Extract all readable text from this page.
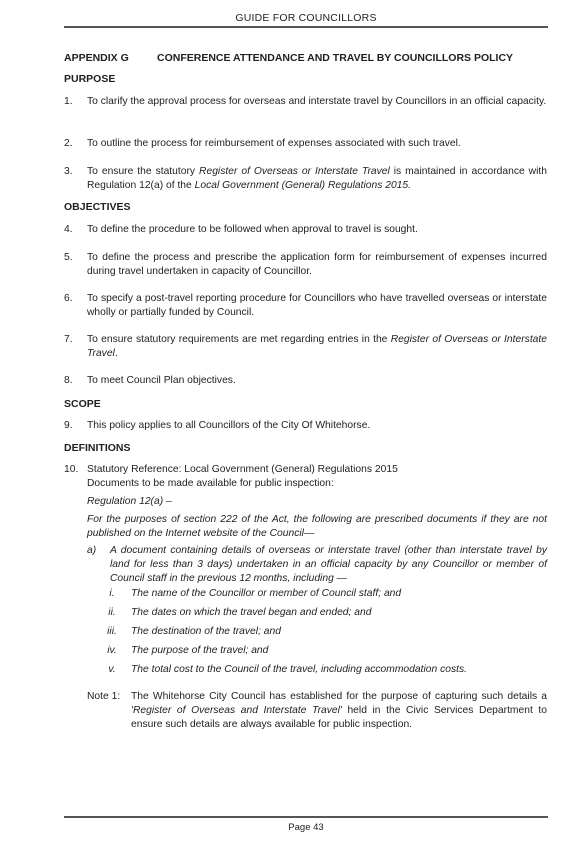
GUIDE FOR COUNCILLORS
APPENDIX G	CONFERENCE ATTENDANCE AND TRAVEL BY COUNCILLORS POLICY
PURPOSE
1.	To clarify the approval process for overseas and interstate travel by Councillors in an official capacity.
2.	To outline the process for reimbursement of expenses associated with such travel.
3.	To ensure the statutory Register of Overseas or Interstate Travel is maintained in accordance with Regulation 12(a) of the Local Government (General) Regulations 2015.
OBJECTIVES
4.	To define the procedure to be followed when approval to travel is sought.
5.	To define the process and prescribe the application form for reimbursement of expenses incurred during travel undertaken in capacity of Councillor.
6.	To specify a post-travel reporting procedure for Councillors who have travelled overseas or interstate wholly or partially funded by Council.
7.	To ensure statutory requirements are met regarding entries in the Register of Overseas or Interstate Travel.
8.	To meet Council Plan objectives.
SCOPE
9.	This policy applies to all Councillors of the City Of Whitehorse.
DEFINITIONS
10. Statutory Reference: Local Government (General) Regulations 2015
Documents to be made available for public inspection:
Regulation 12(a) –
For the purposes of section 222 of the Act, the following are prescribed documents if they are not published on the Internet website of the Council—
a) A document containing details of overseas or interstate travel (other than interstate travel by land for less than 3 days) undertaken in an official capacity by any Councillor or member of Council staff in the previous 12 months, including —
i.	The name of the Councillor or member of Council staff; and
ii.	The dates on which the travel began and ended; and
iii.	The destination of the travel; and
iv.	The purpose of the travel; and
v.	The total cost to the Council of the travel, including accommodation costs.
Note 1: The Whitehorse City Council has established for the purpose of capturing such details a 'Register of Overseas and Interstate Travel' held in the Civic Services Department to ensure such details are always available for public inspection.
Page 43
